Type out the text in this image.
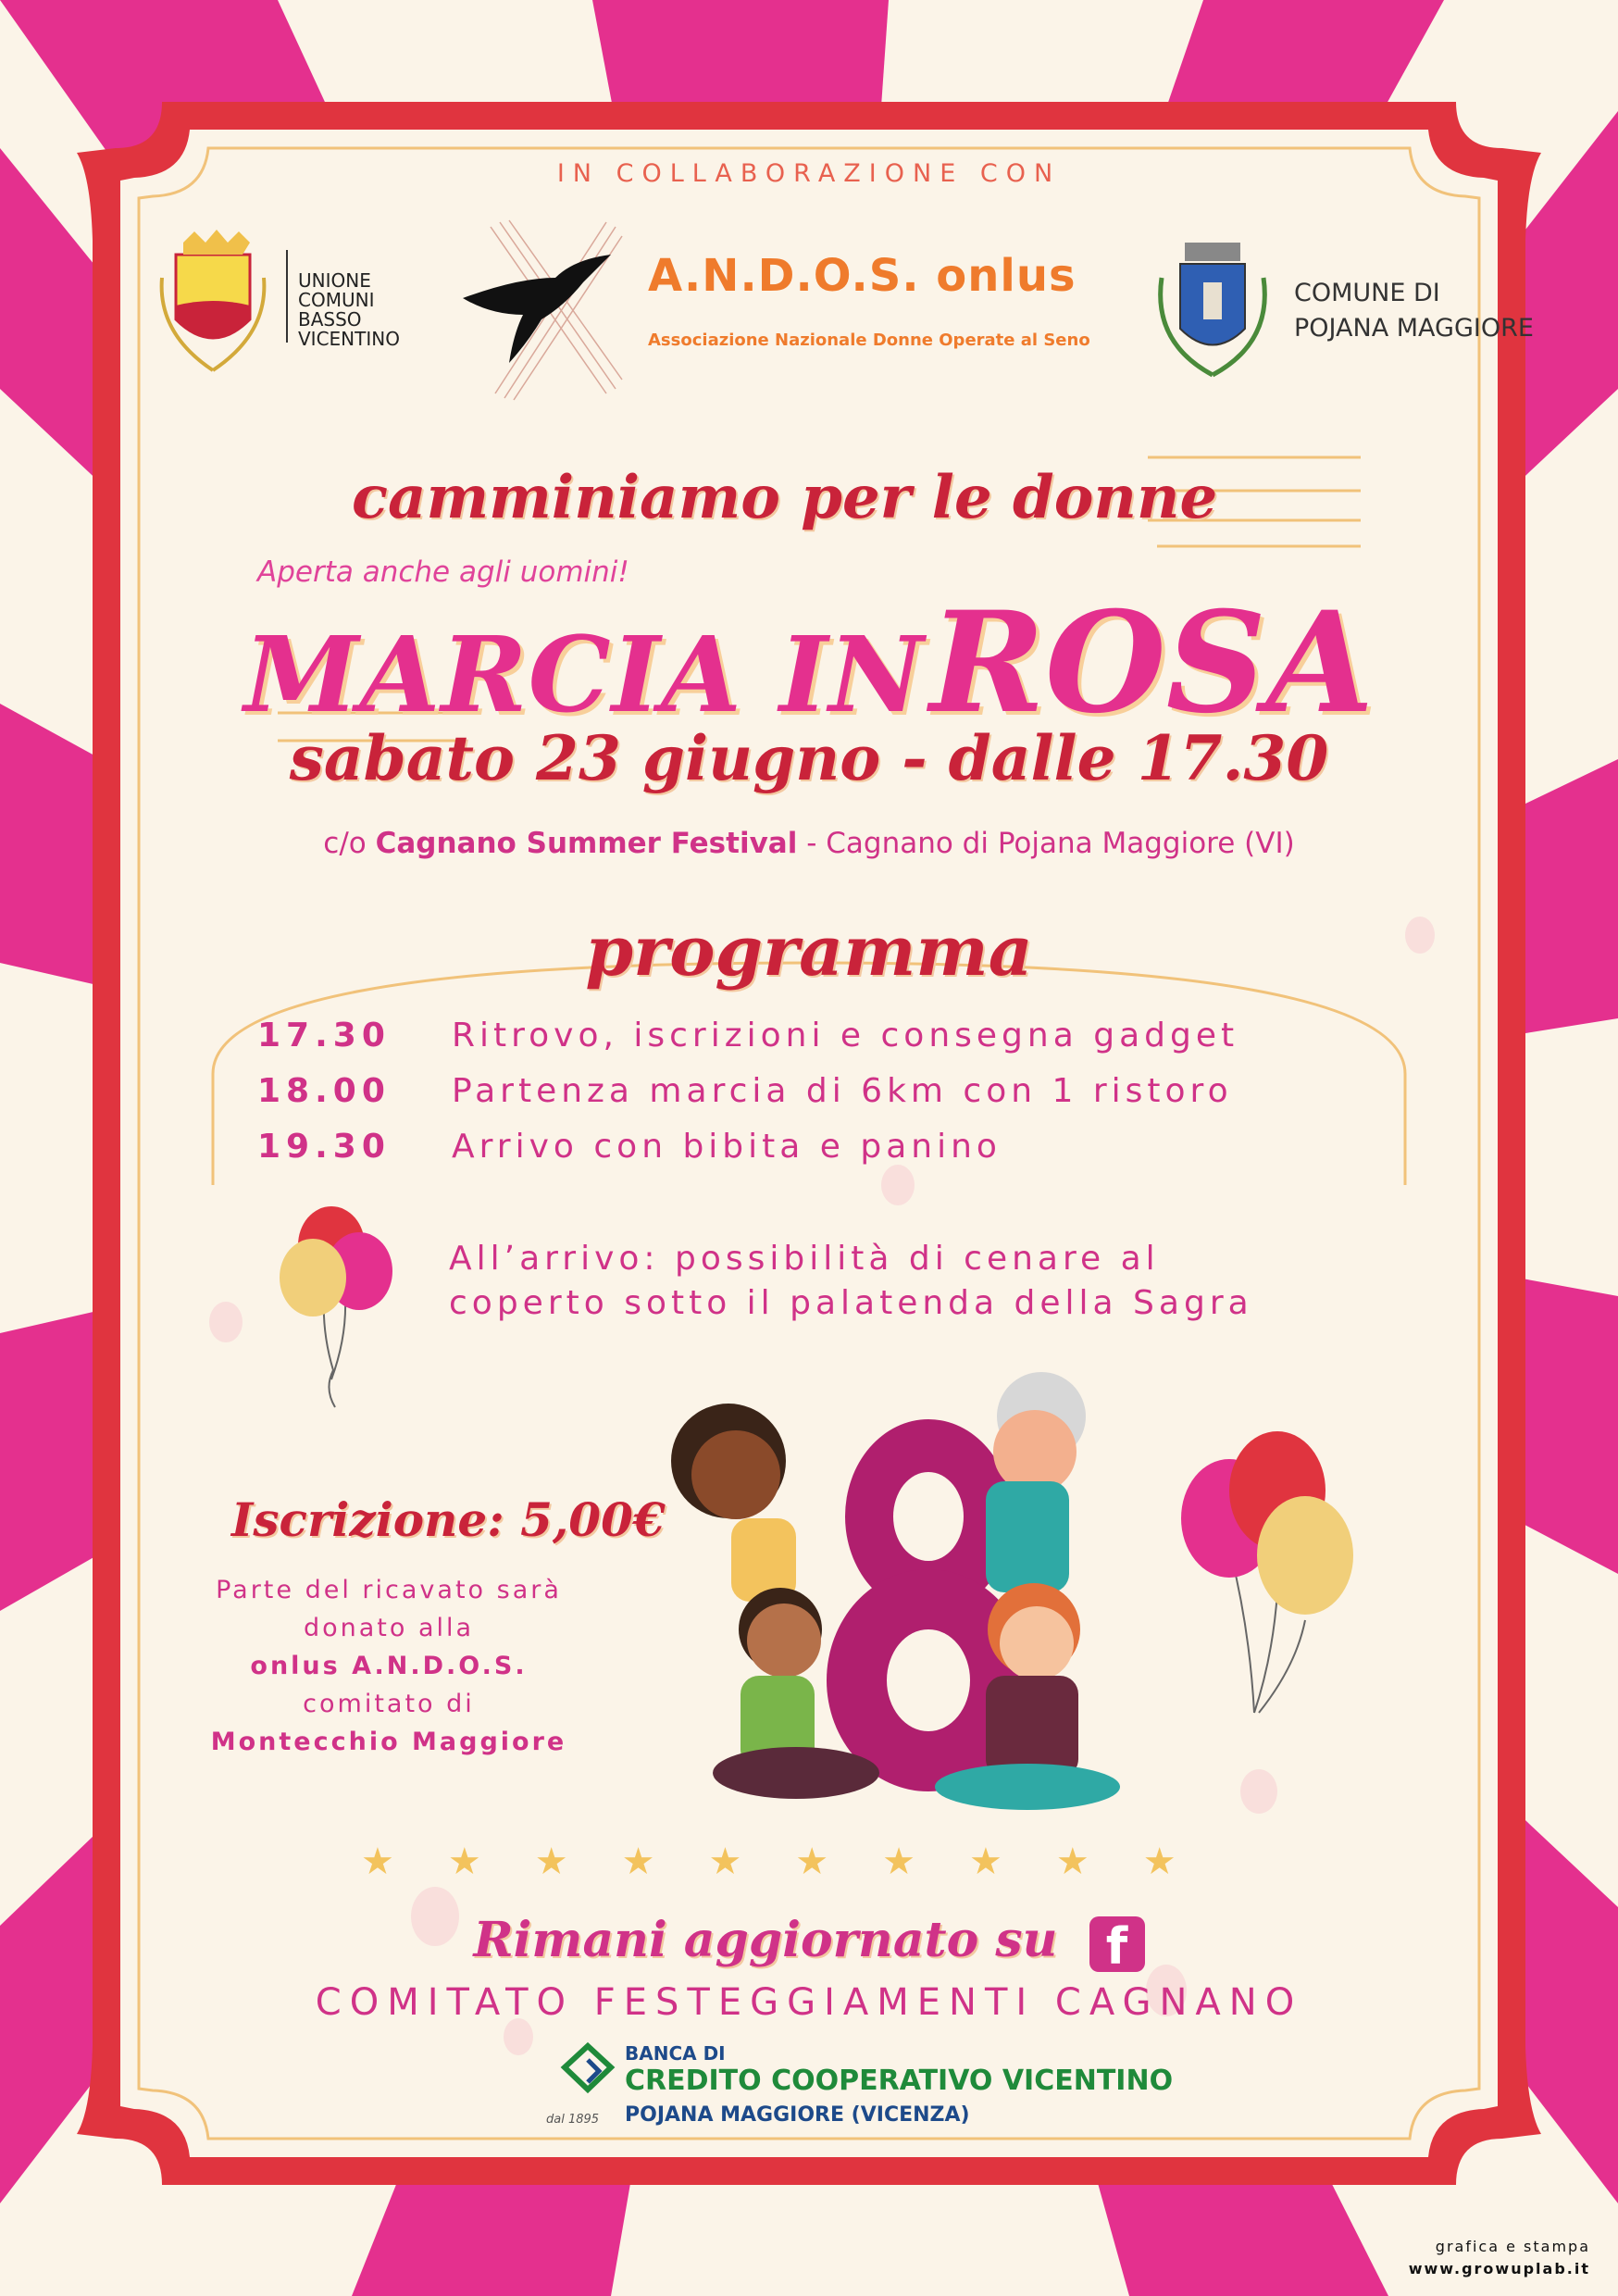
IN COLLABORAZIONE CON
UNIONE
COMUNI
BASSO
VICENTINO
A.N.D.O.S. onlus
Associazione Nazionale Donne Operate al Seno
COMUNE DI
POJANA MAGGIORE
camminiamo per le donne
Aperta anche agli uomini!
MARCIA IN ROSA
sabato 23 giugno - dalle 17.30
c/o Cagnano Summer Festival - Cagnano di Pojana Maggiore (VI)
programma
17.30 Ritrovo, iscrizioni e consegna gadget
18.00 Partenza marcia di 6km con 1 ristoro
19.30 Arrivo con bibita e panino
All’arrivo: possibilità di cenare al
coperto sotto il palatenda della Sagra
Iscrizione: 5,00€
Parte del ricavato sarà
donato alla
onlus A.N.D.O.S.
comitato di
Montecchio Maggiore
★★★★★★★★★★
Rimani aggiornato su f
COMITATO FESTEGGIAMENTI CAGNANO
dal 1895
BANCA DI
CREDITO COOPERATIVO VICENTINO
POJANA MAGGIORE (VICENZA)
grafica e stampa
www.growuplab.it
